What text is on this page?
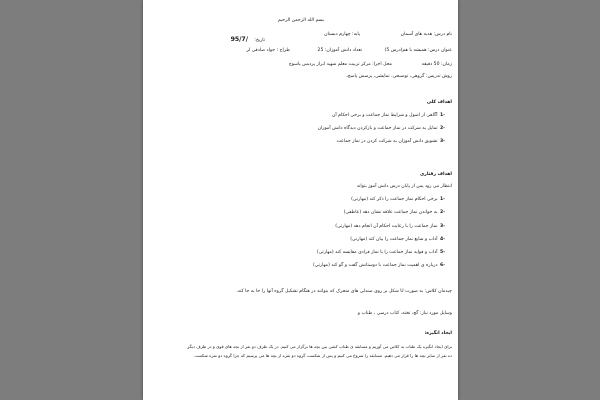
بسم الله الرحمن الرحیم
نام درس: هدیه های آسمان
پایه: چهارم دبستان
تاریخ:
95/7/
عنوان درس: همیشه با هم(درس 5)
تعداد دانش آموزان: 25
طراح : جواد صادقی لر
زمان: 50 دقیقه
محل اجرا: مرکز تربیت معلم شهید ابراز پردیس پاسوج
روش تدریس: گروهی، توضیحی، نمایشی، پرسش پاسخ،
اهداف کلی
1- آگاهی از اصول و شرایط نماز جماعت و برخی احکام آن
2- تمایل به شرکت در نماز جماعت و بازکردن دیدگاه دانش آموزان
3- تشویق دانش آموزان به شرکت کردن در نماز جماعت
اهداف رفتاری
انتظار می رود پس از پایان درس دانش آموز بتواند
1- برخی احکام نماز جماعت را ذکر کند (مهارتی)
2- به خواندن نماز جماعت علاقه نشان دهد (عاطفی)
3- نماز جماعت را با رعایت احکام آن انجام دهد (مهارتی)
4- آداب و شایع نماز جماعت را بیان کند (مهارتی)
5- آداب و فواید نماز جماعت را با نماز فرادی مقایسه کند (مهارتی)
6- درباره ی اهمیت نماز جماعت با دوستانش گفت و گو کند (مهارتی)
چیدمان کلاس: به صورت U شکل بر روی صندلی های متحرک که بتوانند در هنگام تشکیل گروه آنها را جا به جا کند.
وسایل مورد نیاز: گچ، تخته، کتاب درسی ، طناب و
ایجاد انگیزه:
برای ایجاد انگیزه یک طناب به کلاس می آوریم و مسابقه ی طناب کشی بین بچه ها برگزار می کنیم. در یک طرف دو نفر از بچه های قوی و در طرف دیگر
ده نفر از سایر بچه ها را قرار می دهیم. مسابقه را شروع می کنیم و پس از شکست گروه دو نفره از بچه ها می پرسیم که چرا گروه دو نفره شکست
